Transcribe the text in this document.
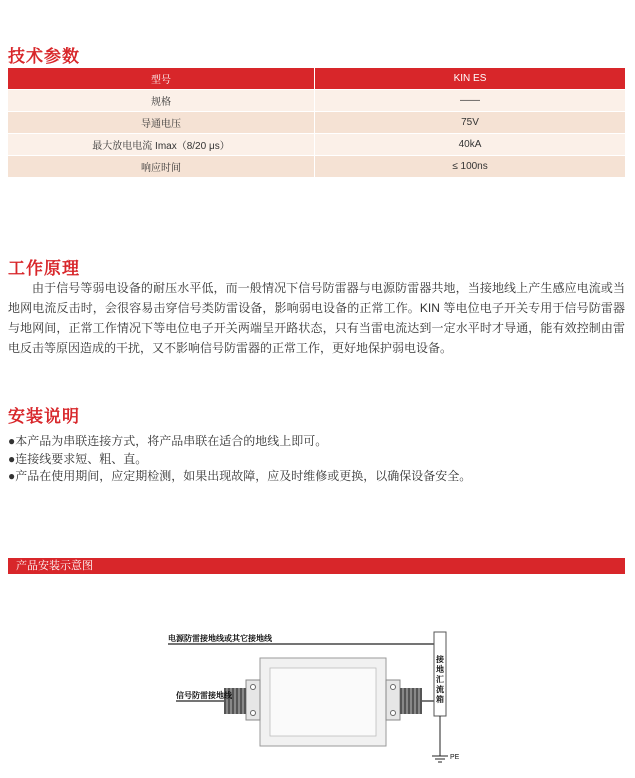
技术参数
型号	KIN ES
规格	——
导通电压	75V
最大放电电流 Imax（8/20 μs）	40kA
响应时间	≤ 100ns
工作原理
由于信号等弱电设备的耐压水平低，而一般情况下信号防雷器与电源防雷器共地，当接地线上产生感应电流或当地网电流反击时，会很容易击穿信号类防雷设备，影响弱电设备的正常工作。KIN 等电位电子开关专用于信号防雷器与地网间，正常工作情况下等电位电子开关两端呈开路状态，只有当雷电流达到一定水平时才导通，能有效控制由雷电反击等原因造成的干扰，又不影响信号防雷器的正常工作，更好地保护弱电设备。
安装说明
●本产品为串联连接方式，将产品串联在适合的地线上即可。
●连接线要求短、粗、直。
●产品在使用期间，应定期检测，如果出现故障，应及时维修或更换，以确保设备安全。
产品安装示意图
电源防雷接地线或其它接地线
信号防雷接地线
接
地
汇
流
箱
PE
